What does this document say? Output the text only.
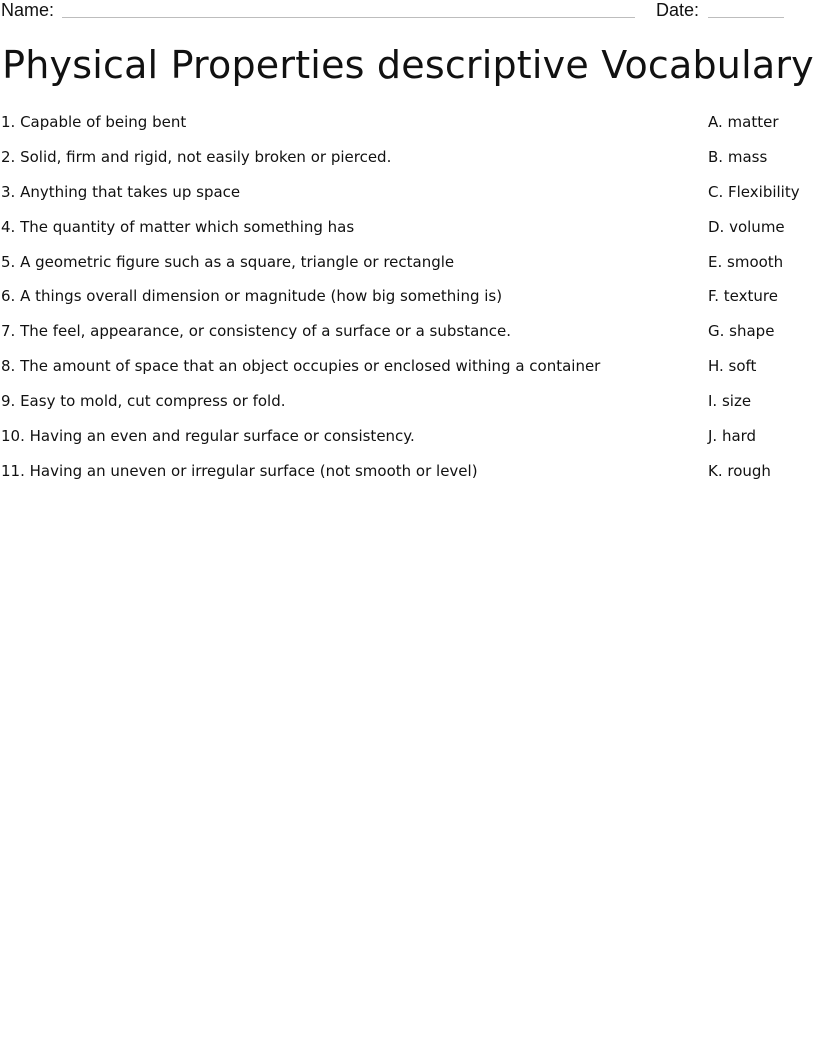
Name:	Date:
Physical Properties descriptive Vocabulary
1. Capable of being bent	A. matter
2. Solid, firm and rigid, not easily broken or pierced.	B. mass
3. Anything that takes up space	C. Flexibility
4. The quantity of matter which something has	D. volume
5. A geometric figure such as a square, triangle or rectangle	E. smooth
6. A things overall dimension or magnitude (how big something is)	F. texture
7. The feel, appearance, or consistency of a surface or a substance.	G. shape
8. The amount of space that an object occupies or enclosed withing a container	H. soft
9. Easy to mold, cut compress or fold.	I. size
10. Having an even and regular surface or consistency.	J. hard
11. Having an uneven or irregular surface (not smooth or level)	K. rough
